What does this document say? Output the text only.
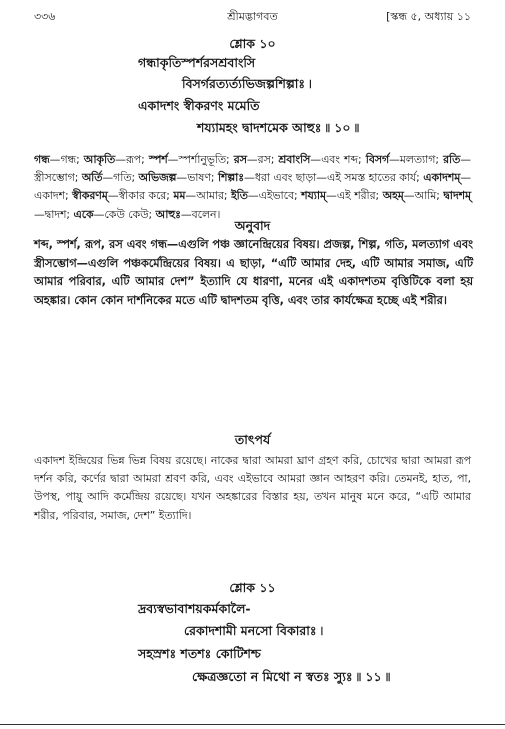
৩৩৬	শ্রীমদ্ভাগবত	[স্কন্ধ ৫, অধ্যায় ১১
শ্লোক ১০
গন্ধাকৃতিস্পর্শরসশ্রবাংসি
বিসর্গরত্যর্ত্যভিজল্পশিল্পাঃ ৷
একাদশং স্বীকরণং মমেতি
শয্যামহং দ্বাদশমেক আহুঃ ৷৷ ১০ ৷৷
গন্ধ—গন্ধ; আকৃতি—রূপ; স্পর্শ—স্পর্শানুভূতি; রস—রস; শ্রবাংসি—এবং শব্দ; বিসর্গ—মলত্যাগ; রতি—স্ত্রীসম্ভোগ; অর্তি—গতি; অভিজল্প—ভাষণ; শিল্পাঃ—ধরা এবং ছাড়া—এই সমস্ত হাতের কার্য; একাদশম্—একাদশ; স্বীকরণম্—স্বীকার করে; মম—আমার; ইতি—এইভাবে; শয্যাম্—এই শরীর; অহম্—আমি; দ্বাদশম্—দ্বাদশ; একে—কেউ কেউ; আহুঃ—বলেন।
অনুবাদ
শব্দ, স্পর্শ, রূপ, রস এবং গন্ধ—এগুলি পঞ্চ জ্ঞানেন্দ্রিয়ের বিষয়। প্রজল্প, শিল্প, গতি, মলত্যাগ এবং স্ত্রীসম্ভোগ—এগুলি পঞ্চকর্মেন্দ্রিয়ের বিষয়। এ ছাড়া, “এটি আমার দেহ, এটি আমার সমাজ, এটি আমার পরিবার, এটি আমার দেশ” ইত্যাদি যে ধারণা, মনের এই একাদশতম বৃত্তিটিকে বলা হয় অহঙ্কার। কোন কোন দার্শনিকের মতে এটি দ্বাদশতম বৃত্তি, এবং তার কার্যক্ষেত্র হচ্ছে এই শরীর।
তাৎপর্য
একাদশ ইন্দ্রিয়ের ভিন্ন ভিন্ন বিষয় রয়েছে। নাকের দ্বারা আমরা ঘ্রাণ গ্রহণ করি, চোখের দ্বারা আমরা রূপ দর্শন করি, কর্ণের দ্বারা আমরা শ্রবণ করি, এবং এইভাবে আমরা জ্ঞান আহরণ করি। তেমনই, হাত, পা, উপস্থ, পায়ু আদি কর্মেন্দ্রিয় রয়েছে। যখন অহঙ্কারের বিস্তার হয়, তখন মানুষ মনে করে, “এটি আমার শরীর, পরিবার, সমাজ, দেশ” ইত্যাদি।
শ্লোক ১১
দ্রব্যস্বভাবাশয়কর্মকালৈ-
রেকাদশামী মনসো বিকারাঃ ৷
সহস্রশঃ শতশঃ কোটিশশ্চ
ক্ষেত্রজ্ঞতো ন মিথো ন স্বতঃ স্যুঃ ৷৷ ১১ ৷৷
